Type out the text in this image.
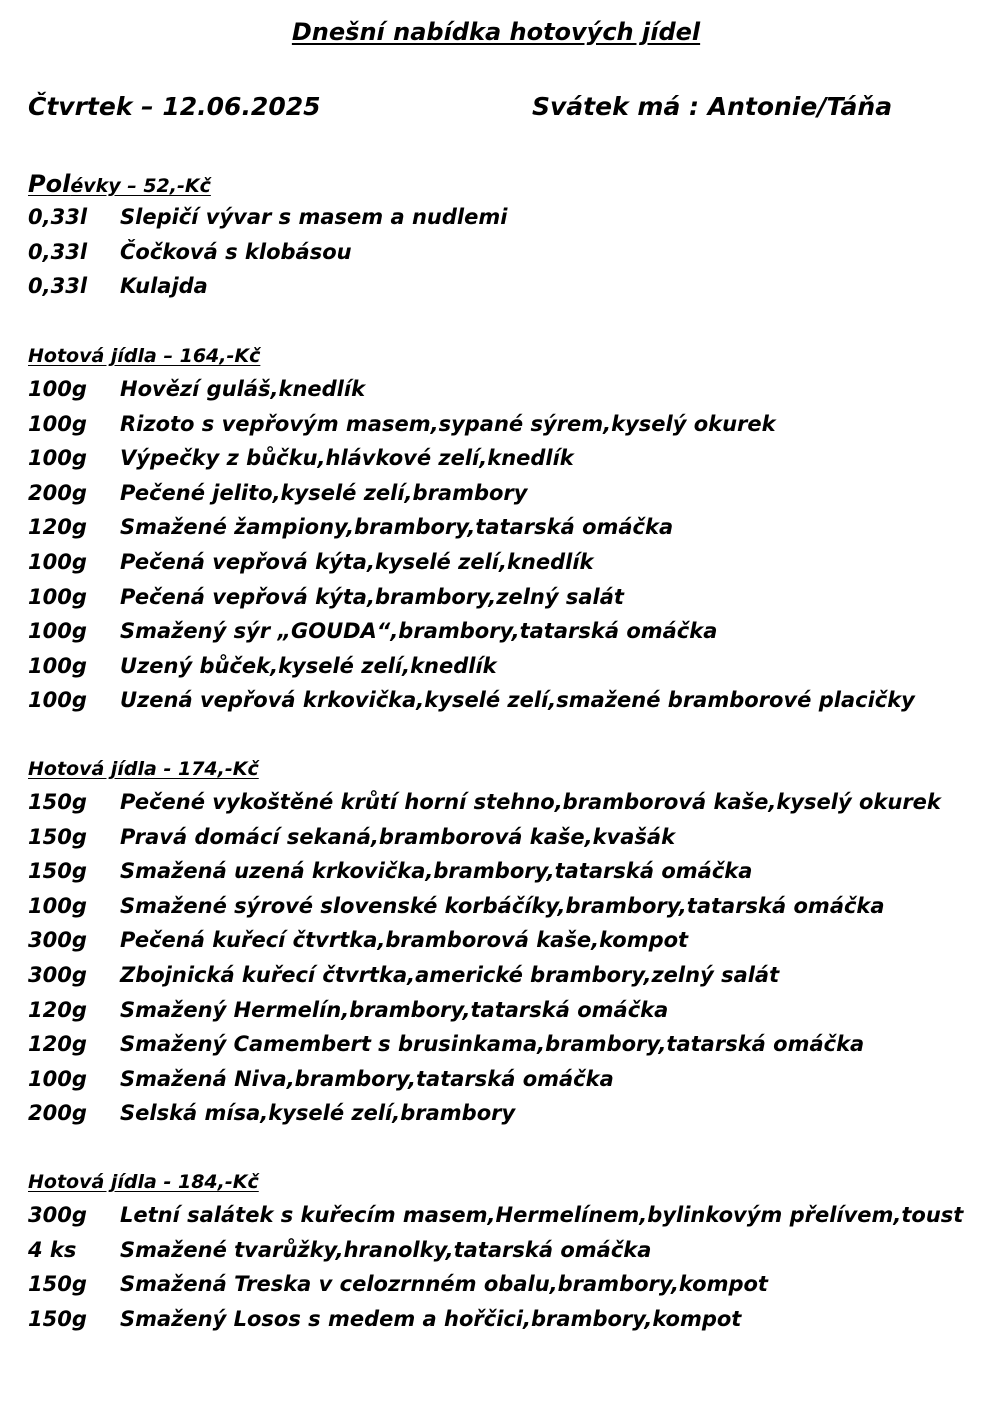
Dnešní nabídka hotových jídel
Čtvrtek – 12.06.2025	Svátek má : Antonie/Táňa
Polévky – 52,-Kč
0,33l Slepičí vývar s masem a nudlemi
0,33l Čočková s klobásou
0,33l Kulajda
Hotová jídla – 164,-Kč
100g Hovězí guláš,knedlík
100g Rizoto s vepřovým masem,sypané sýrem,kyselý okurek
100g Výpečky z bůčku,hlávkové zelí,knedlík
200g Pečené jelito,kyselé zelí,brambory
120g Smažené žampiony,brambory,tatarská omáčka
100g Pečená vepřová kýta,kyselé zelí,knedlík
100g Pečená vepřová kýta,brambory,zelný salát
100g Smažený sýr „GOUDA“,brambory,tatarská omáčka
100g Uzený bůček,kyselé zelí,knedlík
100g Uzená vepřová krkovička,kyselé zelí,smažené bramborové placičky
Hotová jídla - 174,-Kč
150g Pečené vykoštěné krůtí horní stehno,bramborová kaše,kyselý okurek
150g Pravá domácí sekaná,bramborová kaše,kvašák
150g Smažená uzená krkovička,brambory,tatarská omáčka
100g Smažené sýrové slovenské korbáčíky,brambory,tatarská omáčka
300g Pečená kuřecí čtvrtka,bramborová kaše,kompot
300g Zbojnická kuřecí čtvrtka,americké brambory,zelný salát
120g Smažený Hermelín,brambory,tatarská omáčka
120g Smažený Camembert s brusinkama,brambory,tatarská omáčka
100g Smažená Niva,brambory,tatarská omáčka
200g Selská mísa,kyselé zelí,brambory
Hotová jídla - 184,-Kč
300g Letní salátek s kuřecím masem,Hermelínem,bylinkovým přelívem,toust
4 ks Smažené tvarůžky,hranolky,tatarská omáčka
150g Smažená Treska v celozrnném obalu,brambory,kompot
150g Smažený Losos s medem a hořčici,brambory,kompot
